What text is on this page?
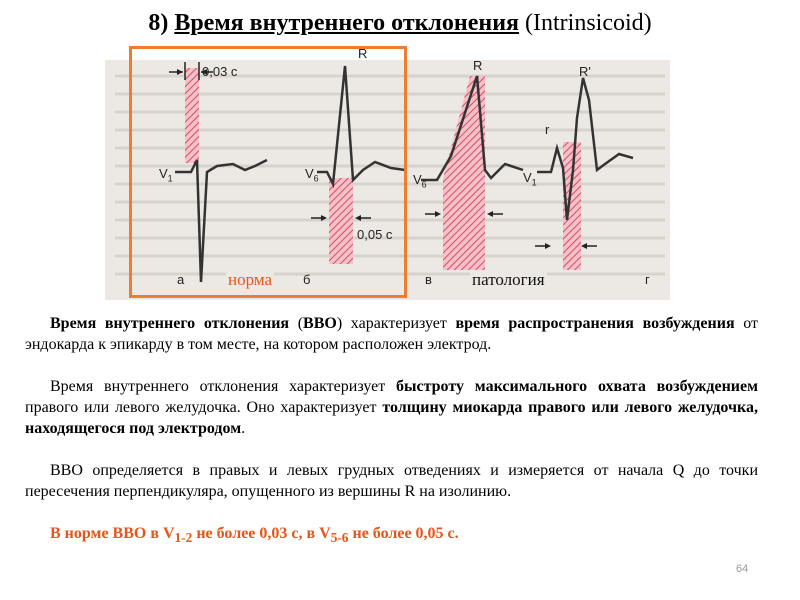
8) Время внутреннего отклонения (Intrinsicoid)
0,03 с
R
R	R'
r
$V_1$	$V_6$	$V_6$	$V_1$
0,05 с
а	б	в	г
норма	патология

Время внутреннего отклонения (ВВО) характеризует время распространения возбуждения от эндокарда к эпикарду в том месте, на котором расположен электрод.

Время внутреннего отклонения характеризует быстроту максимального охвата возбуждением правого или левого желудочка. Оно характеризует толщину миокарда правого или левого желудочка, находящегося под электродом.

ВВО определяется в правых и левых грудных отведениях и измеряется от начала Q до точки пересечения перпендикуляра, опущенного из вершины R на изолинию.

В норме ВВО в $V_{1-2}$ не более 0,03 с, в $V_{5-6}$ не более 0,05 с.

64
